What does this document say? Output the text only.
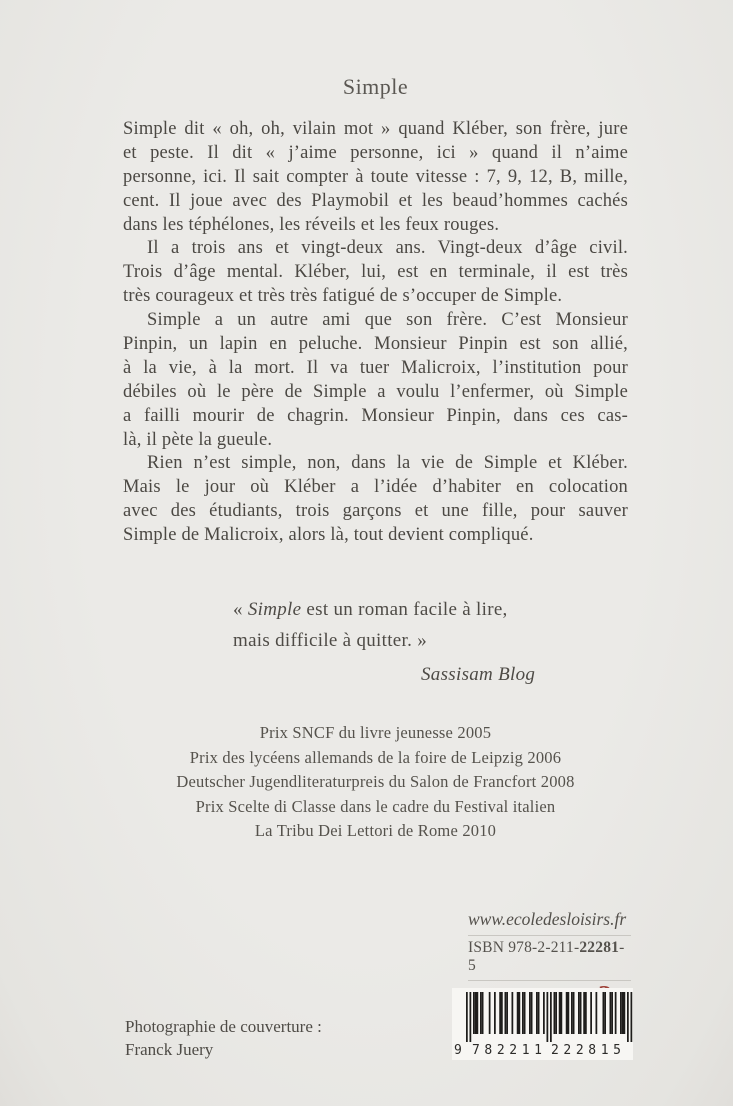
Simple
Simple dit « oh, oh, vilain mot » quand Kléber, son frère, jure
et peste. Il dit « j’aime personne, ici » quand il n’aime
personne, ici. Il sait compter à toute vitesse : 7, 9, 12, B, mille,
cent. Il joue avec des Playmobil et les beaud’hommes cachés
dans les téphélones, les réveils et les feux rouges.
Il a trois ans et vingt-deux ans. Vingt-deux d’âge civil.
Trois d’âge mental. Kléber, lui, est en terminale, il est très
très courageux et très très fatigué de s’occuper de Simple.
Simple a un autre ami que son frère. C’est Monsieur
Pinpin, un lapin en peluche. Monsieur Pinpin est son allié,
à la vie, à la mort. Il va tuer Malicroix, l’institution pour
débiles où le père de Simple a voulu l’enfermer, où Simple
a failli mourir de chagrin. Monsieur Pinpin, dans ces cas-
là, il pète la gueule.
Rien n’est simple, non, dans la vie de Simple et Kléber.
Mais le jour où Kléber a l’idée d’habiter en colocation
avec des étudiants, trois garçons et une fille, pour sauver
Simple de Malicroix, alors là, tout devient compliqué.
« Simple est un roman facile à lire,
mais difficile à quitter. »
Sassisam Blog
Prix SNCF du livre jeunesse 2005
Prix des lycéens allemands de la foire de Leipzig 2006
Deutscher Jugendliteraturpreis du Salon de Francfort 2008
Prix Scelte di Classe dans le cadre du Festival italien
La Tribu Dei Lettori de Rome 2010
www.ecoledesloisirs.fr
ISBN 978-2-211-22281-5
9 782211 222815
Photographie de couverture :
Franck Juery
